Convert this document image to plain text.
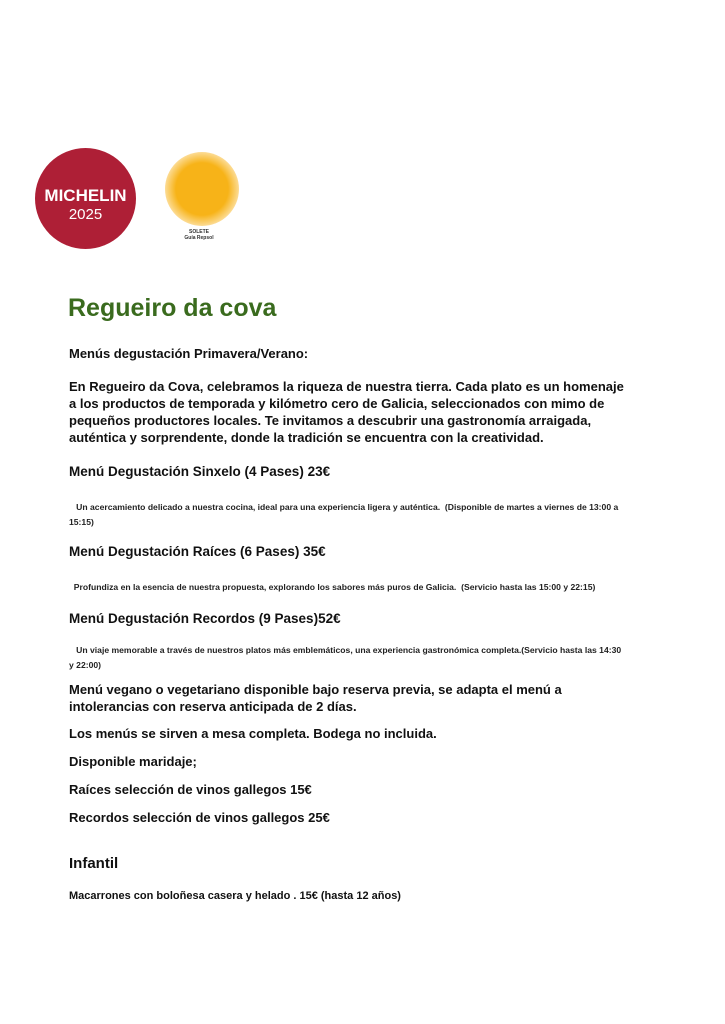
MICHELIN
2025
SOLETE
Guía Repsol
Regueiro da cova
Menús degustación Primavera/Verano:
En Regueiro da Cova, celebramos la riqueza de nuestra tierra. Cada plato es un homenaje a los productos de temporada y kilómetro cero de Galicia, seleccionados con mimo de pequeños productores locales. Te invitamos a descubrir una gastronomía arraigada, auténtica y sorprendente, donde la tradición se encuentra con la creatividad.
Menú Degustación Sinxelo (4 Pases) 23€
Un acercamiento delicado a nuestra cocina, ideal para una experiencia ligera y auténtica.  (Disponible de martes a viernes de 13:00 a 15:15)
Menú Degustación Raíces (6 Pases) 35€
Profundiza en la esencia de nuestra propuesta, explorando los sabores más puros de Galicia.  (Servicio hasta las 15:00 y 22:15)
Menú Degustación Recordos (9 Pases)52€
Un viaje memorable a través de nuestros platos más emblemáticos, una experiencia gastronómica completa.(Servicio hasta las 14:30 y 22:00)
Menú vegano o vegetariano disponible bajo reserva previa, se adapta el menú a intolerancias con reserva anticipada de 2 días.
Los menús se sirven a mesa completa. Bodega no incluida.
Disponible maridaje;
Raíces selección de vinos gallegos 15€
Recordos selección de vinos gallegos 25€
Infantil
Macarrones con boloñesa casera y helado . 15€ (hasta 12 años)
